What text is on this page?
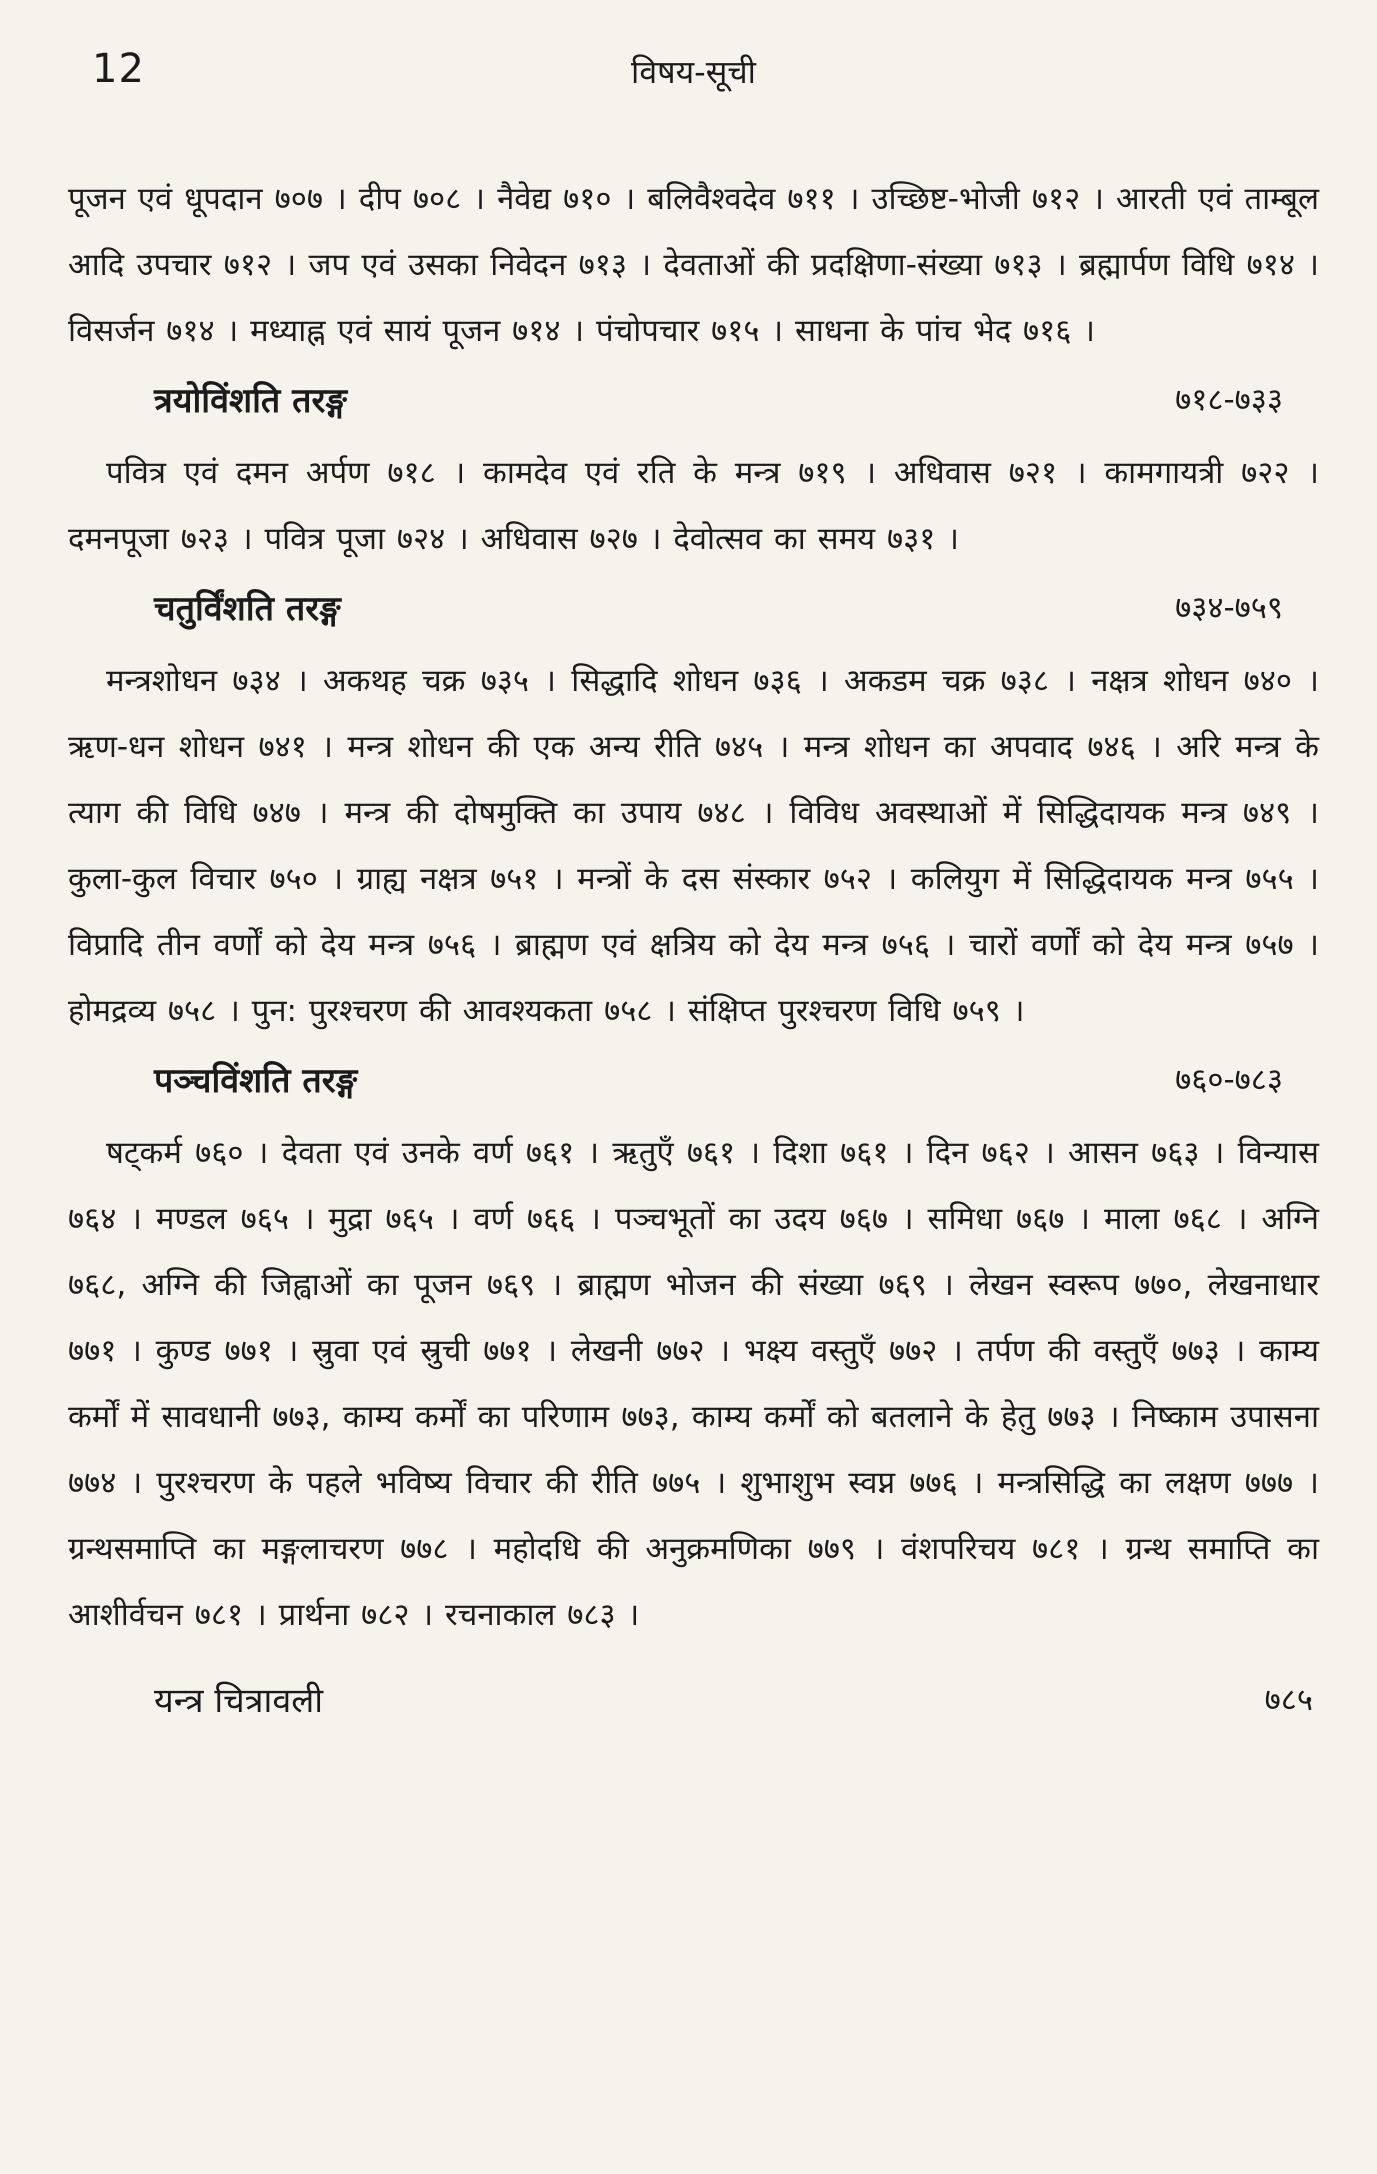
12	विषय-सूची

पूजन एवं धूपदान ७०७ । दीप ७०८ । नैवेद्य ७१० । बलिवैश्वदेव ७११ । उच्छिष्ट-भोजी ७१२ । आरती एवं ताम्बूल आदि उपचार ७१२ । जप एवं उसका निवेदन ७१३ । देवताओं की प्रदक्षिणा-संख्या ७१३ । ब्रह्मार्पण विधि ७१४ । विसर्जन ७१४ । मध्याह्न एवं सायं पूजन ७१४ । पंचोपचार ७१५ । साधना के पांच भेद ७१६ ।

त्रयोविंशति तरङ्ग	७१८-७३३

पवित्र एवं दमन अर्पण ७१८ । कामदेव एवं रति के मन्त्र ७१९ । अधिवास ७२१ । कामगायत्री ७२२ । दमनपूजा ७२३ । पवित्र पूजा ७२४ । अधिवास ७२७ । देवोत्सव का समय ७३१ ।

चतुर्विंशति तरङ्ग	७३४-७५९

मन्त्रशोधन ७३४ । अकथह चक्र ७३५ । सिद्धादि शोधन ७३६ । अकडम चक्र ७३८ । नक्षत्र शोधन ७४० । ऋण-धन शोधन ७४१ । मन्त्र शोधन की एक अन्य रीति ७४५ । मन्त्र शोधन का अपवाद ७४६ । अरि मन्त्र के त्याग की विधि ७४७ । मन्त्र की दोषमुक्ति का उपाय ७४८ । विविध अवस्थाओं में सिद्धिदायक मन्त्र ७४९ । कुला-कुल विचार ७५० । ग्राह्य नक्षत्र ७५१ । मन्त्रों के दस संस्कार ७५२ । कलियुग में सिद्धिदायक मन्त्र ७५५ । विप्रादि तीन वर्णों को देय मन्त्र ७५६ । ब्राह्मण एवं क्षत्रिय को देय मन्त्र ७५६ । चारों वर्णों को देय मन्त्र ७५७ । होमद्रव्य ७५८ । पुन: पुरश्चरण की आवश्यकता ७५८ । संक्षिप्त पुरश्चरण विधि ७५९ ।

पञ्चविंशति तरङ्ग	७६०-७८३

षट्कर्म ७६० । देवता एवं उनके वर्ण ७६१ । ऋतुएँ ७६१ । दिशा ७६१ । दिन ७६२ । आसन ७६३ । विन्यास ७६४ । मण्डल ७६५ । मुद्रा ७६५ । वर्ण ७६६ । पञ्चभूतों का उदय ७६७ । समिधा ७६७ । माला ७६८ । अग्नि ७६८, अग्नि की जिह्वाओं का पूजन ७६९ । ब्राह्मण भोजन की संख्या ७६९ । लेखन स्वरूप ७७०, लेखनाधार ७७१ । कुण्ड ७७१ । स्रुवा एवं स्रुची ७७१ । लेखनी ७७२ । भक्ष्य वस्तुएँ ७७२ । तर्पण की वस्तुएँ ७७३ । काम्य कर्मों में सावधानी ७७३, काम्य कर्मों का परिणाम ७७३, काम्य कर्मों को बतलाने के हेतु ७७३ । निष्काम उपासना ७७४ । पुरश्चरण के पहले भविष्य विचार की रीति ७७५ । शुभाशुभ स्वप्न ७७६ । मन्त्रसिद्धि का लक्षण ७७७ । ग्रन्थसमाप्ति का मङ्गलाचरण ७७८ । महोदधि की अनुक्रमणिका ७७९ । वंशपरिचय ७८१ । ग्रन्थ समाप्ति का आशीर्वचन ७८१ । प्रार्थना ७८२ । रचनाकाल ७८३ ।

यन्त्र चित्रावली	७८५
